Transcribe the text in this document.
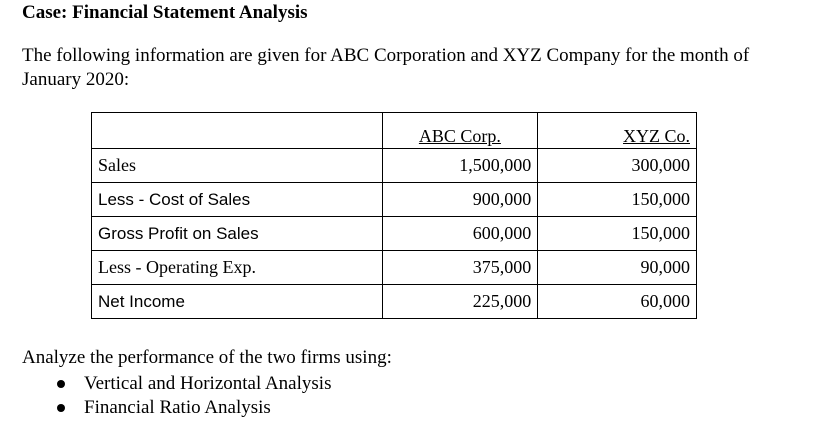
Case: Financial Statement Analysis
The following information are given for ABC Corporation and XYZ Company for the month of January 2020:
	ABC Corp.	XYZ Co.
Sales	1,500,000	300,000
Less - Cost of Sales	900,000	150,000
Gross Profit on Sales	600,000	150,000
Less - Operating Exp.	375,000	90,000
Net Income	225,000	60,000
Analyze the performance of the two firms using:
Vertical and Horizontal Analysis
Financial Ratio Analysis
